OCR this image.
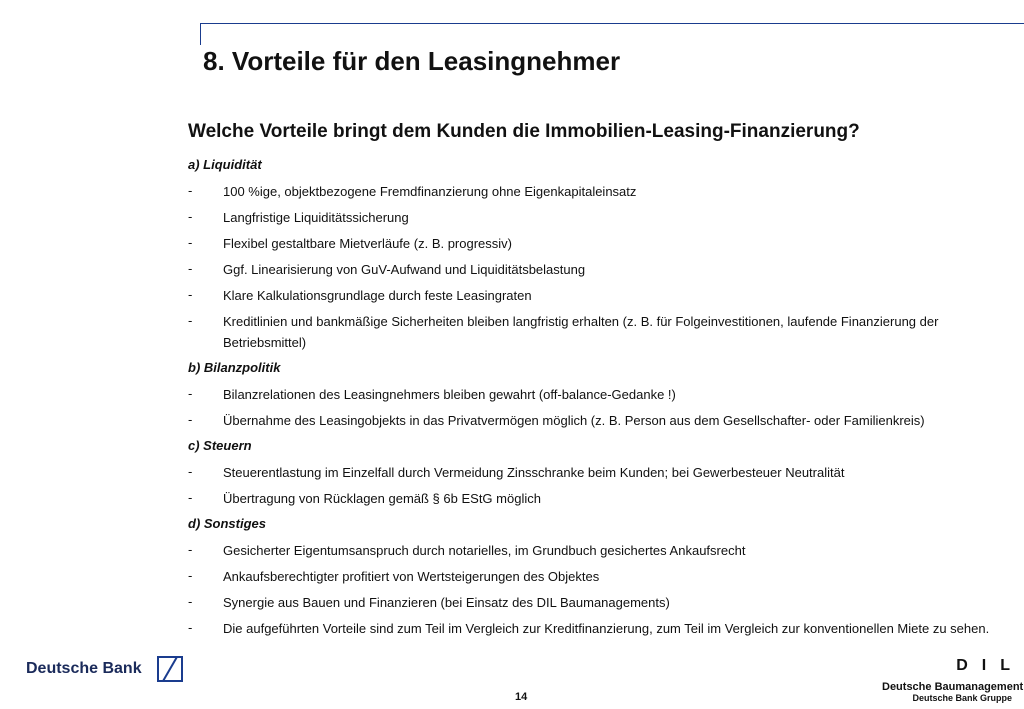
8. Vorteile für den Leasingnehmer
Welche Vorteile bringt dem Kunden die Immobilien-Leasing-Finanzierung?
a) Liquidität
-	100 %ige, objektbezogene Fremdfinanzierung ohne Eigenkapitaleinsatz
-	Langfristige Liquiditätssicherung
-	Flexibel gestaltbare Mietverläufe (z. B. progressiv)
-	Ggf. Linearisierung von GuV-Aufwand und Liquiditätsbelastung
-	Klare Kalkulationsgrundlage durch feste Leasingraten
-	Kreditlinien und bankmäßige Sicherheiten bleiben langfristig erhalten (z. B. für Folgeinvestitionen, laufende Finanzierung der Betriebsmittel)
b) Bilanzpolitik
-	Bilanzrelationen des Leasingnehmers bleiben gewahrt (off-balance-Gedanke !)
-	Übernahme des Leasingobjekts in das Privatvermögen möglich (z. B. Person aus dem Gesellschafter- oder Familienkreis)
c) Steuern
-	Steuerentlastung im Einzelfall durch Vermeidung Zinsschranke beim Kunden; bei Gewerbesteuer Neutralität
-	Übertragung von Rücklagen gemäß § 6b EStG möglich
d) Sonstiges
-	Gesicherter Eigentumsanspruch durch notarielles, im Grundbuch gesichertes Ankaufsrecht
-	Ankaufsberechtigter profitiert von Wertsteigerungen des Objektes
-	Synergie aus Bauen und Finanzieren (bei Einsatz des DIL Baumanagements)
-	Die aufgeführten Vorteile sind zum Teil im Vergleich zur Kreditfinanzierung, zum Teil im Vergleich zur konventionellen Miete zu sehen.
Deutsche Bank
14
D I L
Deutsche Baumanagement
Deutsche Bank Gruppe
